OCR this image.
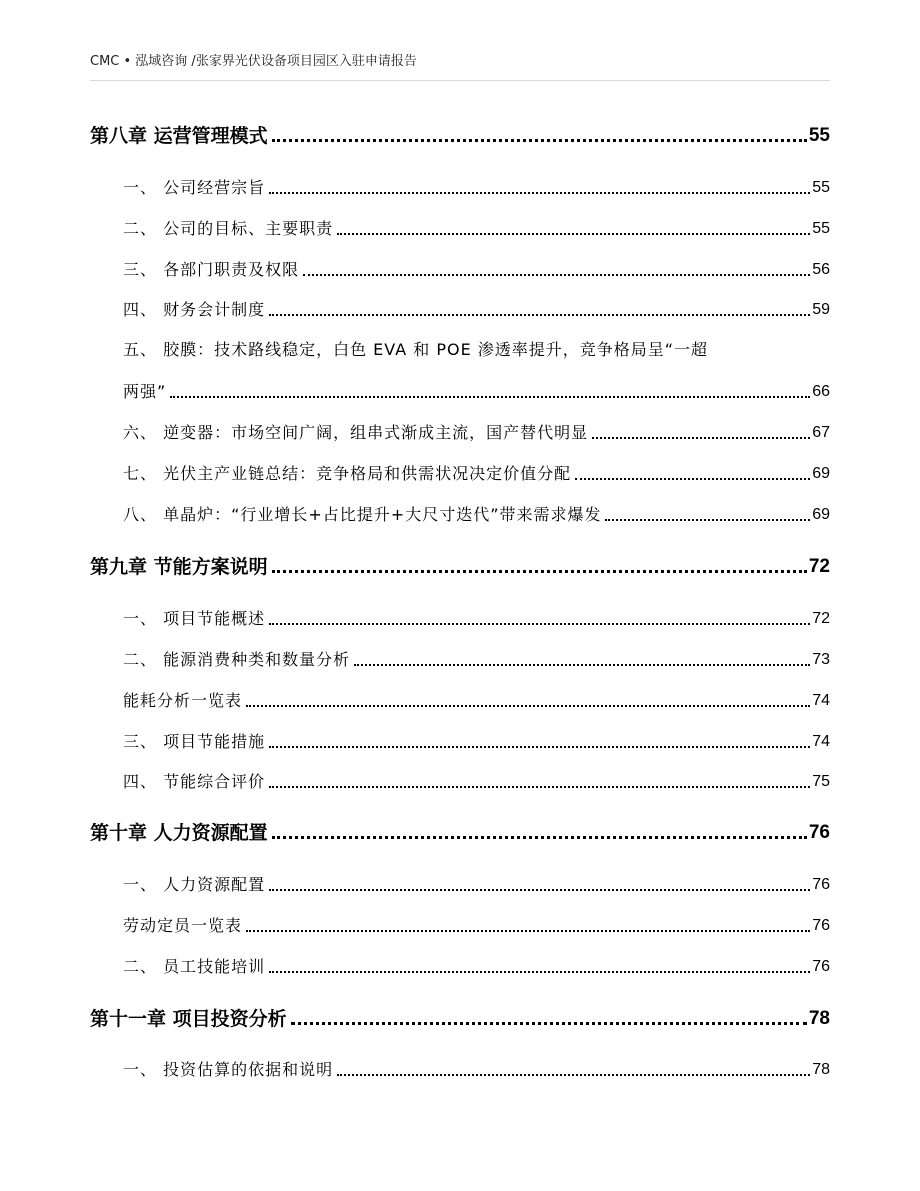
CMC • 泓域咨询 /张家界光伏设备项目园区入驻申请报告
第八章 运营管理模式	55
一、 公司经营宗旨	55
二、 公司的目标、主要职责	55
三、 各部门职责及权限	56
四、 财务会计制度	59
五、 胶膜：技术路线稳定，白色 EVA 和 POE 渗透率提升，竞争格局呈“一超
两强”	66
六、 逆变器：市场空间广阔，组串式渐成主流，国产替代明显	67
七、 光伏主产业链总结：竞争格局和供需状况决定价值分配	69
八、 单晶炉：“行业增长+占比提升+大尺寸迭代”带来需求爆发	69
第九章 节能方案说明	72
一、 项目节能概述	72
二、 能源消费种类和数量分析	73
能耗分析一览表	74
三、 项目节能措施	74
四、 节能综合评价	75
第十章 人力资源配置	76
一、 人力资源配置	76
劳动定员一览表	76
二、 员工技能培训	76
第十一章 项目投资分析	78
一、 投资估算的依据和说明	78
